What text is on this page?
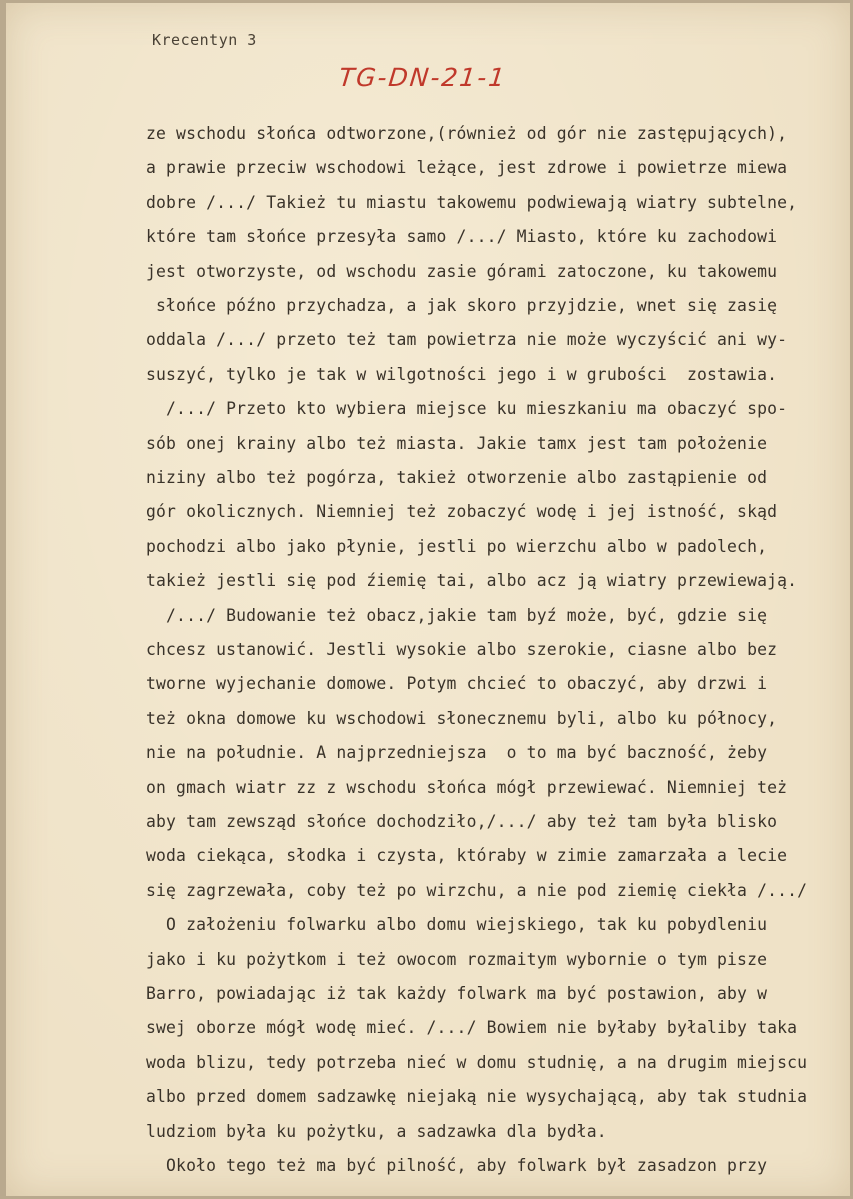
Krecentyn 3
TG-DN-21-1
ze wschodu słońca odtworzone,(również od gór nie zastępujących),
a prawie przeciw wschodowi leżące, jest zdrowe i powietrze miewa
dobre /.../ Takież tu miastu takowemu podwiewają wiatry subtelne,
które tam słońce przesyła samo /.../ Miasto, które ku zachodowi
jest otworzyste, od wschodu zasie górami zatoczone, ku takowemu
słońce późno przychadza, a jak skoro przyjdzie, wnet się zasię
oddala /.../ przeto też tam powietrza nie może wyczyścić ani wy-
suszyć, tylko je tak w wilgotności jego i w grubości  zostawia.
/.../ Przeto kto wybiera miejsce ku mieszkaniu ma obaczyć spo-
sób onej krainy albo też miasta. Jakie tamx jest tam położenie
niziny albo też pogórza, takież otworzenie albo zastąpienie od
gór okolicznych. Niemniej też zobaczyć wodę i jej istność, skąd
pochodzi albo jako płynie, jestli po wierzchu albo w padolech,
takież jestli się pod źiemię tai, albo acz ją wiatry przewiewają.
/.../ Budowanie też obacz,jakie tam byź może, być, gdzie się
chcesz ustanowić. Jestli wysokie albo szerokie, ciasne albo bez
tworne wyjechanie domowe. Potym chcieć to obaczyć, aby drzwi i
też okna domowe ku wschodowi słonecznemu byli, albo ku północy,
nie na południe. A najprzedniejsza  o to ma być baczność, żeby
on gmach wiatr zz z wschodu słońca mógł przewiewać. Niemniej też
aby tam zewsząd słońce dochodziło,/.../ aby też tam była blisko
woda ciekąca, słodka i czysta, któraby w zimie zamarzała a lecie
się zagrzewała, coby też po wirzchu, a nie pod ziemię ciekła /.../
O założeniu folwarku albo domu wiejskiego, tak ku pobydleniu
jako i ku pożytkom i też owocom rozmaitym wybornie o tym pisze
Barro, powiadając iż tak każdy folwark ma być postawion, aby w
swej oborze mógł wodę mieć. /.../ Bowiem nie byłaby byłaliby taka
woda blizu, tedy potrzeba nieć w domu studnię, a na drugim miejscu
albo przed domem sadzawkę niejaką nie wysychającą, aby tak studnia
ludziom była ku pożytku, a sadzawka dla bydła.
Około tego też ma być pilność, aby folwark był zasadzon przy
